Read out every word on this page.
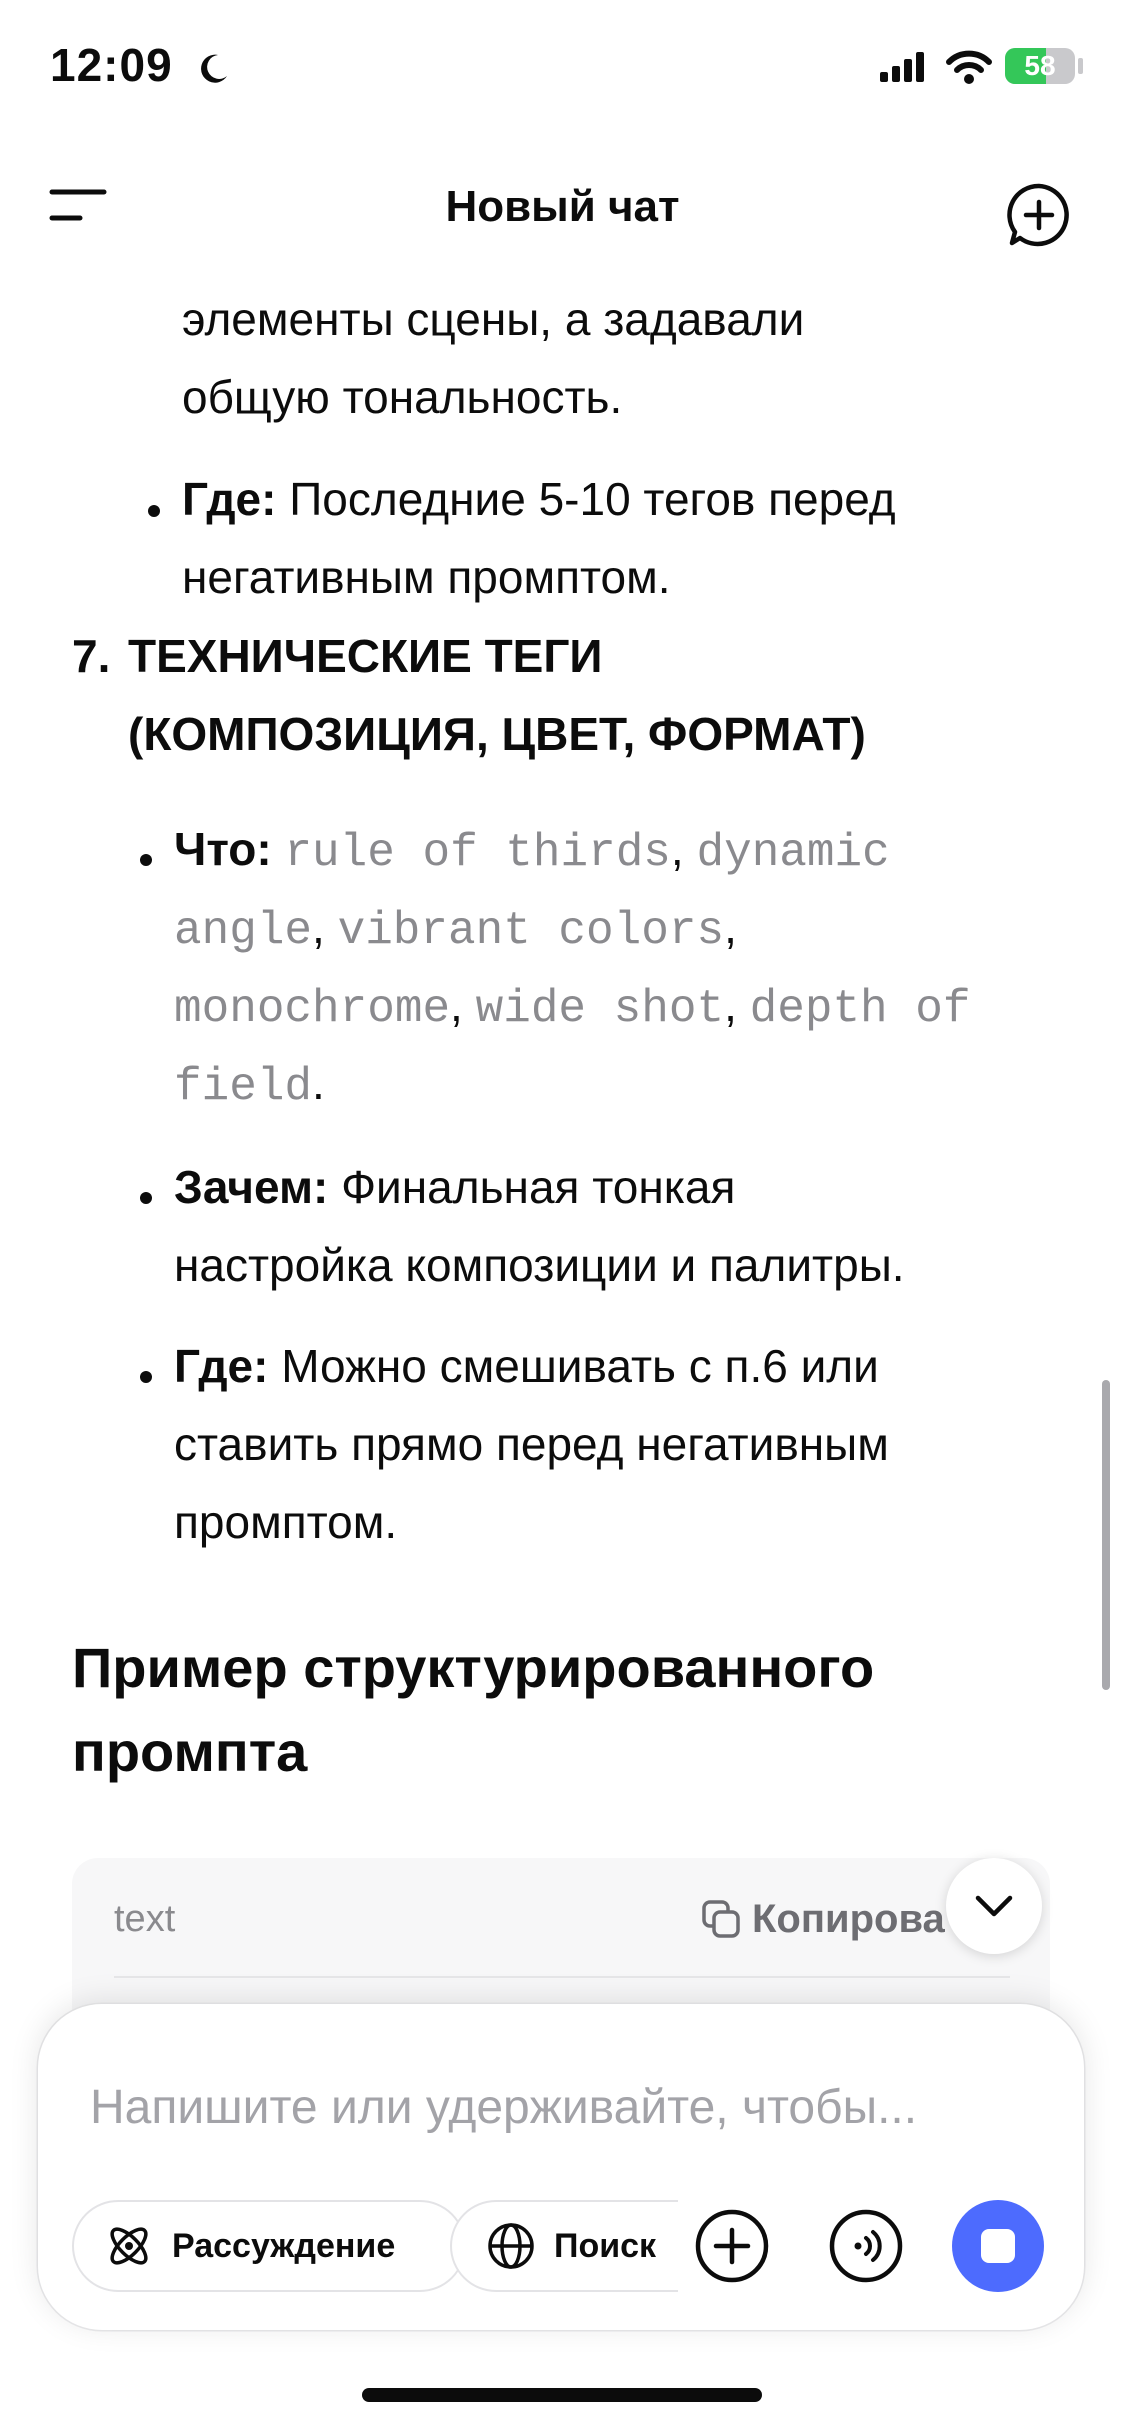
12:09	58
Новый чат
элементы сцены, а задавали
общую тональность.
Где: Последние 5-10 тегов перед
негативным промптом.
7. ТЕХНИЧЕСКИЕ ТЕГИ
(КОМПОЗИЦИЯ, ЦВЕТ, ФОРМАТ)
Что: rule of thirds, dynamic
angle, vibrant colors,
monochrome, wide shot, depth of
field.
Зачем: Финальная тонкая
настройка композиции и палитры.
Где: Можно смешивать с п.6 или
ставить прямо перед негативным
промптом.
Пример структурированного
промпта
text	Копирова
Напишите или удерживайте, чтобы...
Рассуждение	Поиск
